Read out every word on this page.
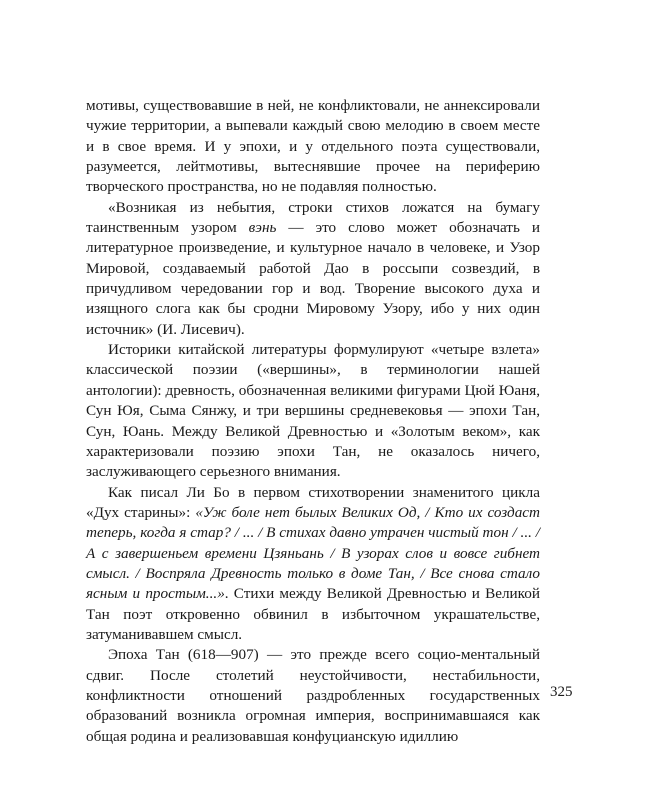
мотивы, существовавшие в ней, не конфликтовали, не аннексировали чужие территории, а выпевали каждый свою мелодию в своем месте и в свое время. И у эпохи, и у отдельного поэта существовали, разумеется, лейтмотивы, вытеснявшие прочее на периферию творческого пространства, но не подавляя полностью.

«Возникая из небытия, строки стихов ложатся на бумагу таинственным узором вэнь — это слово может обозначать и литературное произведение, и культурное начало в человеке, и Узор Мировой, создаваемый работой Дао в россыпи созвездий, в причудливом чередовании гор и вод. Творение высокого духа и изящного слога как бы сродни Мировому Узору, ибо у них один источник» (И. Лисевич).

Историки китайской литературы формулируют «четыре взлета» классической поэзии («вершины», в терминологии нашей антологии): древность, обозначенная великими фигурами Цюй Юаня, Сун Юя, Сыма Сянжу, и три вершины средневековья — эпохи Тан, Сун, Юань. Между Великой Древностью и «Золотым веком», как характеризовали поэзию эпохи Тан, не оказалось ничего, заслуживающего серьезного внимания.

Как писал Ли Бо в первом стихотворении знаменитого цикла «Дух старины»: «Уж боле нет былых Великих Од, / Кто их создаст теперь, когда я стар? / ... / В стихах давно утрачен чистый тон / ... / А с завершеньем времени Цзяньань / В узорах слов и вовсе гибнет смысл. / Воспряла Древность только в доме Тан, / Все снова стало ясным и простым...». Стихи между Великой Древностью и Великой Тан поэт откровенно обвинил в избыточном украшательстве, затуманивавшем смысл.

Эпоха Тан (618—907) — это прежде всего социо-ментальный сдвиг. После столетий неустойчивости, нестабильности, конфликтности отношений раздробленных государственных образований возникла огромная империя, воспринимавшаяся как общая родина и реализовавшая конфуцианскую идиллию

325
